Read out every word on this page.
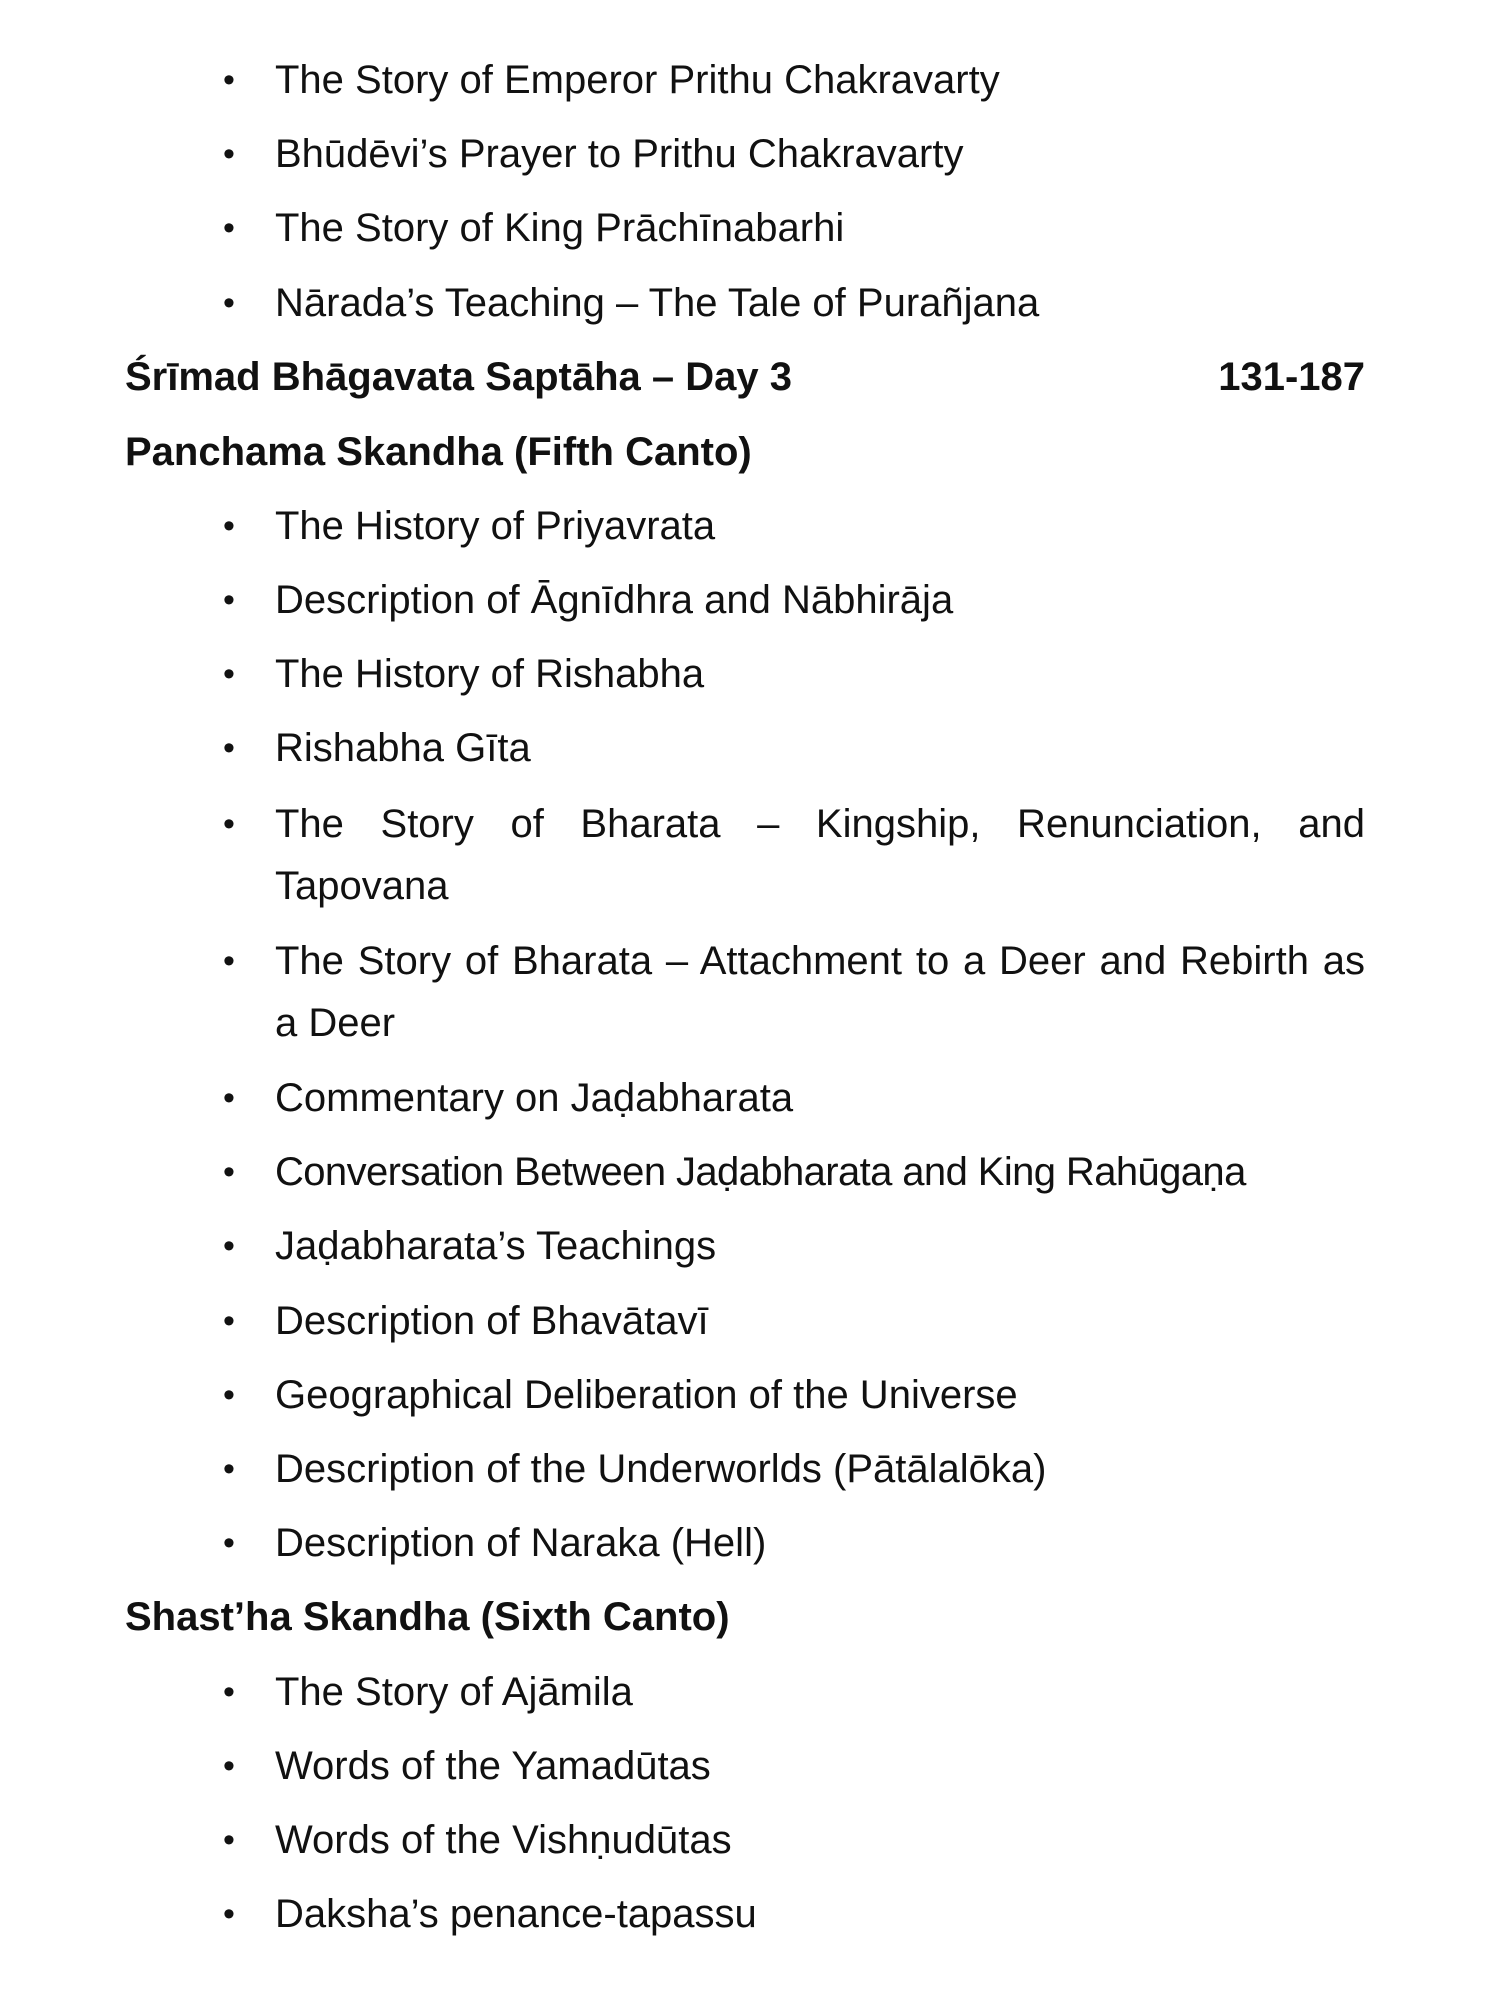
• The Story of Emperor Prithu Chakravarty
• Bhūdēvi’s Prayer to Prithu Chakravarty
• The Story of King Prāchīnabarhi
• Nārada’s Teaching – The Tale of Purañjana
Śrīmad Bhāgavata Saptāha – Day 3	131-187
Panchama Skandha (Fifth Canto)
• The History of Priyavrata
• Description of Āgnīdhra and Nābhirāja
• The History of Rishabha
• Rishabha Gīta
• The Story of Bharata – Kingship, Renunciation, and Tapovana
• The Story of Bharata – Attachment to a Deer and Rebirth as a Deer
• Commentary on Jaḍabharata
• Conversation Between Jaḍabharata and King Rahūgaṇa
• Jaḍabharata’s Teachings
• Description of Bhavātavī
• Geographical Deliberation of the Universe
• Description of the Underworlds (Pātālalōka)
• Description of Naraka (Hell)
Shast’ha Skandha (Sixth Canto)
• The Story of Ajāmila
• Words of the Yamadūtas
• Words of the Vishṇudūtas
• Daksha’s penance-tapassu
